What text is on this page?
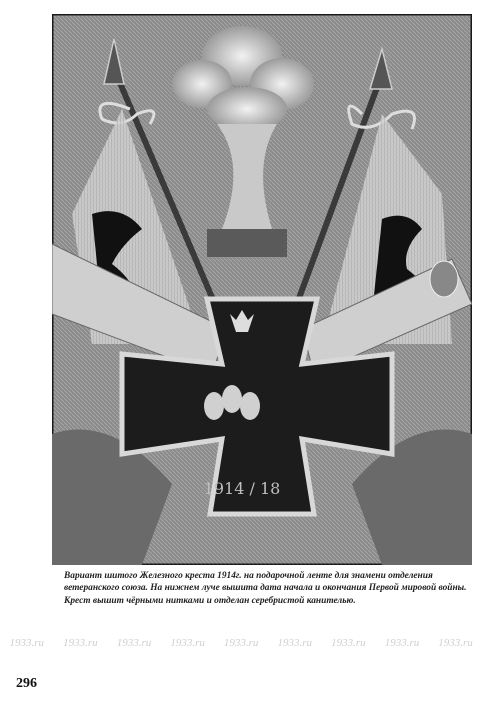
1914 / 18
Вариант шитого Железного креста 1914г. на подарочной ленте для знамени отделения ветеранского союза. На нижнем луче вышита дата начала и окончания Первой мировой войны. Крест вышит чёрными нитками и отделан серебристой канителью.
1933.ru 1933.ru 1933.ru 1933.ru 1933.ru 1933.ru 1933.ru 1933.ru 1933.ru
296
